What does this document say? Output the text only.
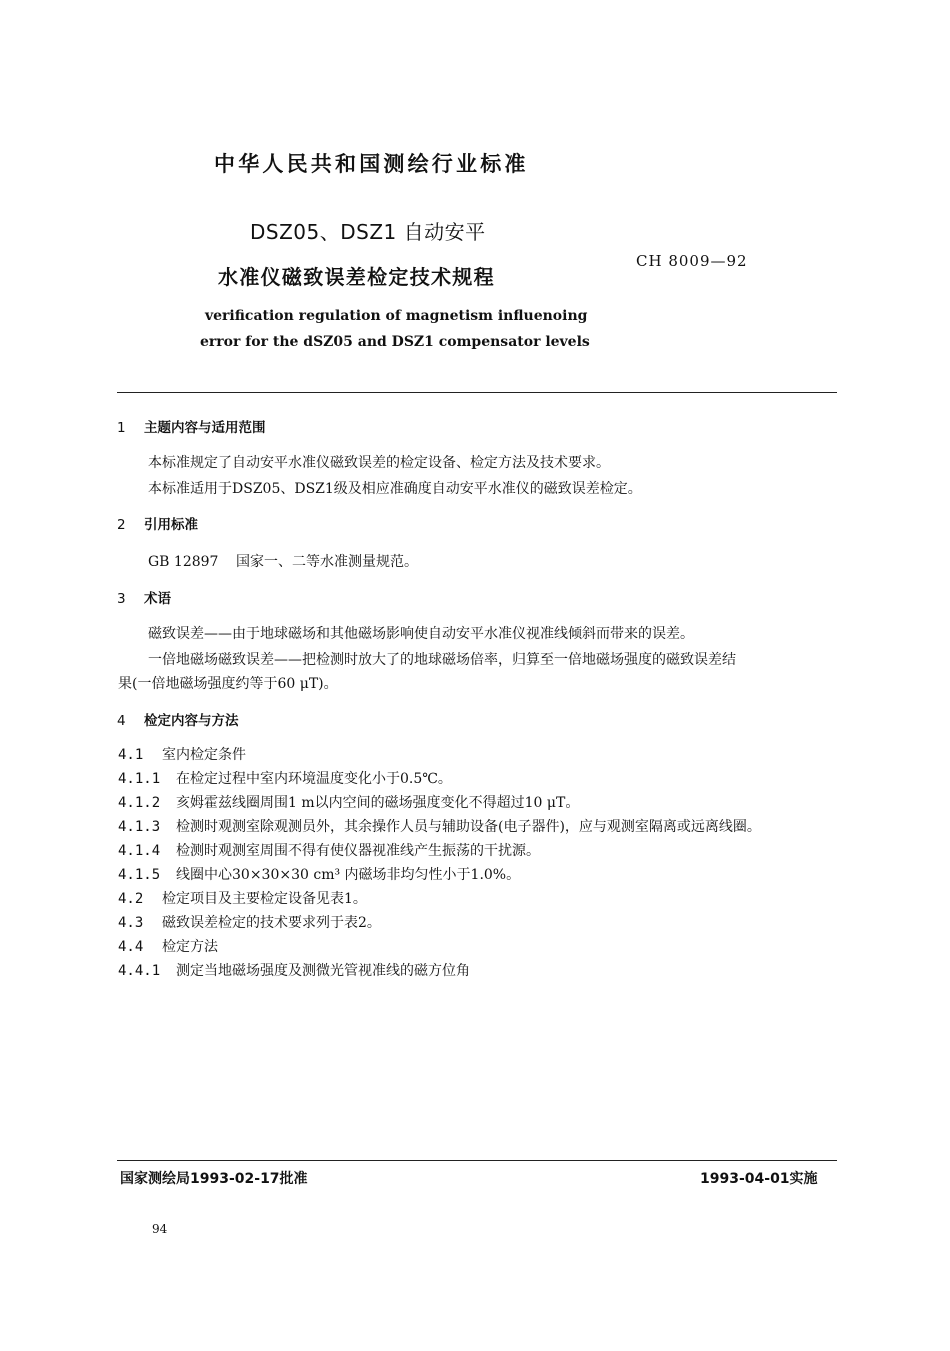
中华人民共和国测绘行业标准
DSZ05、DSZ1 自动安平
水准仪磁致误差检定技术规程
CH 8009—92
verification regulation of magnetism influenoing
error for the dSZ05 and DSZ1 compensator levels
1 主题内容与适用范围
本标准规定了自动安平水准仪磁致误差的检定设备、检定方法及技术要求。
本标准适用于DSZ05、DSZ1级及相应准确度自动安平水准仪的磁致误差检定。
2 引用标准
GB 12897 国家一、二等水准测量规范。
3 术语
磁致误差——由于地球磁场和其他磁场影响使自动安平水准仪视准线倾斜而带来的误差。
一倍地磁场磁致误差——把检测时放大了的地球磁场倍率，归算至一倍地磁场强度的磁致误差结
果(一倍地磁场强度约等于60 μT)。
4 检定内容与方法
4.1 室内检定条件
4.1.1 在检定过程中室内环境温度变化小于0.5℃。
4.1.2 亥姆霍兹线圈周围1 m以内空间的磁场强度变化不得超过10 μT。
4.1.3 检测时观测室除观测员外，其余操作人员与辅助设备(电子器件)，应与观测室隔离或远离线圈。
4.1.4 检测时观测室周围不得有使仪器视准线产生振荡的干扰源。
4.1.5 线圈中心30×30×30 cm³ 内磁场非均匀性小于1.0%。
4.2 检定项目及主要检定设备见表1。
4.3 磁致误差检定的技术要求列于表2。
4.4 检定方法
4.4.1 测定当地磁场强度及测微光管视准线的磁方位角
国家测绘局1993-02-17批准	1993-04-01实施
94
